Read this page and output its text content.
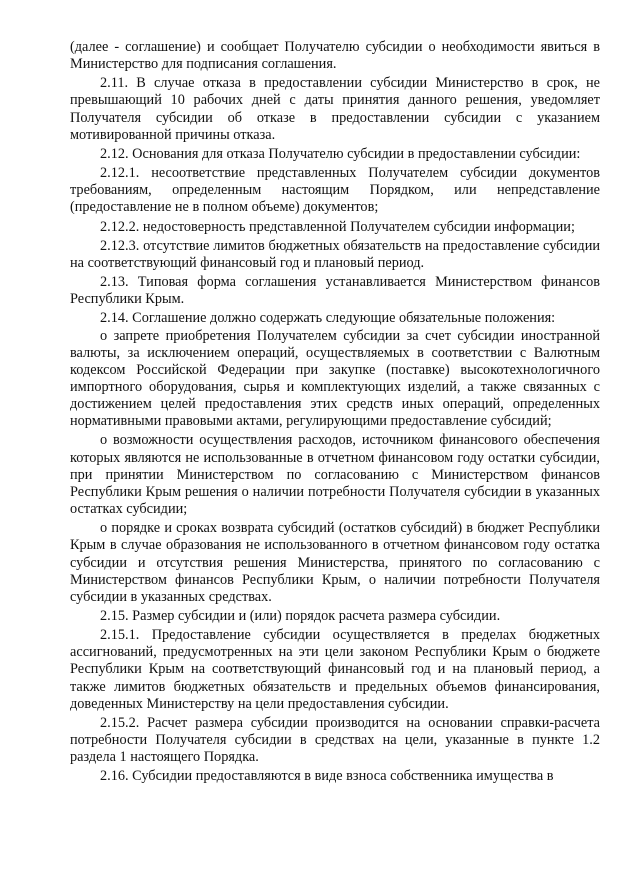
(далее - соглашение) и сообщает Получателю субсидии о необходимости явиться в Министерство для подписания соглашения.

2.11. В случае отказа в предоставлении субсидии Министерство в срок, не превышающий 10 рабочих дней с даты принятия данного решения, уведомляет Получателя субсидии об отказе в предоставлении субсидии с указанием мотивированной причины отказа.

2.12. Основания для отказа Получателю субсидии в предоставлении субсидии:

2.12.1. несоответствие представленных Получателем субсидии документов требованиям, определенным настоящим Порядком, или непредставление (предоставление не в полном объеме) документов;

2.12.2. недостоверность представленной Получателем субсидии информации;

2.12.3. отсутствие лимитов бюджетных обязательств на предоставление субсидии на соответствующий финансовый год и плановый период.

2.13. Типовая форма соглашения устанавливается Министерством финансов Республики Крым.

2.14. Соглашение должно содержать следующие обязательные положения:

о запрете приобретения Получателем субсидии за счет субсидии иностранной валюты, за исключением операций, осуществляемых в соответствии с Валютным кодексом Российской Федерации при закупке (поставке) высокотехнологичного импортного оборудования, сырья и комплектующих изделий, а также связанных с достижением целей предоставления этих средств иных операций, определенных нормативными правовыми актами, регулирующими предоставление субсидий;

о возможности осуществления расходов, источником финансового обеспечения которых являются не использованные в отчетном финансовом году остатки субсидии, при принятии Министерством по согласованию с Министерством финансов Республики Крым решения о наличии потребности Получателя субсидии в указанных остатках субсидии;

о порядке и сроках возврата субсидий (остатков субсидий) в бюджет Республики Крым в случае образования не использованного в отчетном финансовом году остатка субсидии и отсутствия решения Министерства, принятого по согласованию с Министерством финансов Республики Крым, о наличии потребности Получателя субсидии в указанных средствах.

2.15. Размер субсидии и (или) порядок расчета размера субсидии.

2.15.1. Предоставление субсидии осуществляется в пределах бюджетных ассигнований, предусмотренных на эти цели законом Республики Крым о бюджете Республики Крым на соответствующий финансовый год и на плановый период, а также лимитов бюджетных обязательств и предельных объемов финансирования, доведенных Министерству на цели предоставления субсидии.

2.15.2. Расчет размера субсидии производится на основании справки-расчета потребности Получателя субсидии в средствах на цели, указанные в пункте 1.2 раздела 1 настоящего Порядка.

2.16. Субсидии предоставляются в виде взноса собственника имущества в
